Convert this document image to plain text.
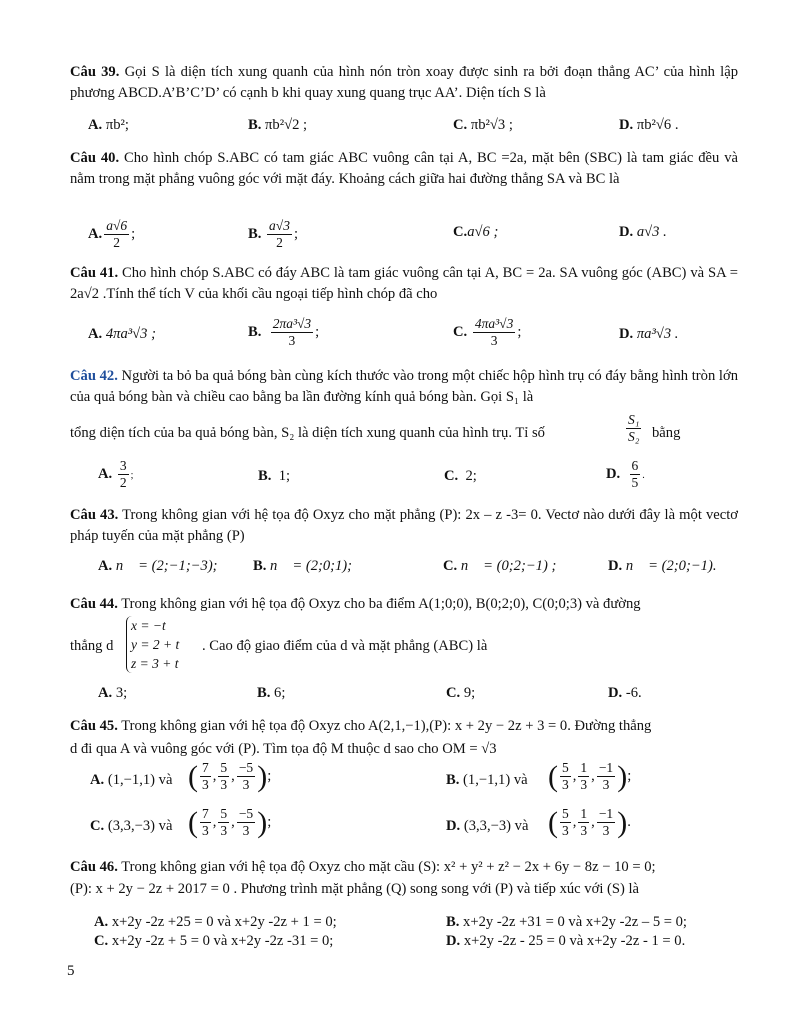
Câu 39. Gọi S là diện tích xung quanh của hình nón tròn xoay được sinh ra bởi đoạn thẳng AC’ của hình lập phương ABCD.A’B’C’D’ có cạnh b khi quay xung quang trục AA’. Diện tích S là
A. πb²;	B. πb²√2 ;	C. πb²√3 ;	D. πb²√6 .
Câu 40. Cho hình chóp S.ABC có tam giác ABC vuông cân tại A, BC =2a, mặt bên (SBC) là tam giác đều và nằm trong mặt phẳng vuông góc với mặt đáy. Khoảng cách giữa hai đường thẳng SA và BC là
A. $\frac{a√6}{2}$ ;	B. $\frac{a√3}{2}$ ;	C.a√6 ;	D. a√3 .
Câu 41. Cho hình chóp S.ABC có đáy ABC là tam giác vuông cân tại A, BC = 2a. SA vuông góc (ABC) và SA = 2a√2 .Tính thể tích V của khối cầu ngoại tiếp hình chóp đã cho
A. 4πa³√3 ;	B. $\frac{\text{2πa³√3}}{3}$ ;	C. $\frac{\text{4πa³√3}}{3}$ ;	D. πa³√3 .
Câu 42. Người ta bỏ ba quả bóng bàn cùng kích thước vào trong một chiếc hộp hình trụ có đáy bằng hình tròn lớn của quả bóng bàn và chiều cao bằng ba lần đường kính quả bóng bàn. Gọi S₁ là
tổng diện tích của ba quả bóng bàn, S₂ là diện tích xung quanh của hình trụ. Tỉ số	$\frac{\text{S₁}}{\text{S₂}}$ bằng
A. $\frac{3}{2}$ ;	B. 1;	C. 2;	D. $\frac{6}{5}$ .
Câu 43. Trong không gian với hệ tọa độ Oxyz cho mặt phẳng (P): 2x – z -3= 0. Vectơ nào dưới đây là một vectơ pháp tuyến của mặt phẳng (P)
A. n⃗ = (2;−1;−3); B. n⃗ = (2;0;1);	C. n⃗ = (0;2;−1) ;	D. n⃗ = (2;0;−1).
Câu 44. Trong không gian với hệ tọa độ Oxyz cho ba điểm A(1;0;0), B(0;2;0), C(0;0;3) và đường
thẳng d
x = −t
y = 2 + t
z = 3 + t
. Cao độ giao điểm của d và mặt phẳng (ABC) là
A. 3;	B. 6;	C. 9;	D. -6.
Câu 45. Trong không gian với hệ tọa độ Oxyz cho A(2,1,−1),(P): x + 2y − 2z + 3 = 0. Đường thẳng
d đi qua A và vuông góc với (P). Tìm tọa độ M thuộc d sao cho OM = √3
A. (1,−1,1) và ( $\frac{7}{3}$ , $\frac{5}{3}$ , $\frac{-5}{3}$ );	B. (1,−1,1) và ( $\frac{5}{3}$ , $\frac{1}{3}$ , $\frac{-1}{3}$ );
C. (3,3,−3) và ( $\frac{7}{3}$ , $\frac{5}{3}$ , $\frac{-5}{3}$ );	D. (3,3,−3) và ( $\frac{5}{3}$ , $\frac{1}{3}$ , $\frac{-1}{3}$ ).
Câu 46. Trong không gian với hệ tọa độ Oxyz cho mặt cầu (S): x² + y² + z² − 2x + 6y − 8z − 10 = 0;
(P): x + 2y − 2z + 2017 = 0 . Phương trình mặt phẳng (Q) song song với (P) và tiếp xúc với (S) là
A. x+2y -2z +25 = 0 và x+2y -2z + 1 = 0;	B. x+2y -2z +31 = 0 và x+2y -2z – 5 = 0;
C. x+2y -2z + 5 = 0 và x+2y -2z -31 = 0;	D. x+2y -2z - 25 = 0 và x+2y -2z - 1 = 0.
5
